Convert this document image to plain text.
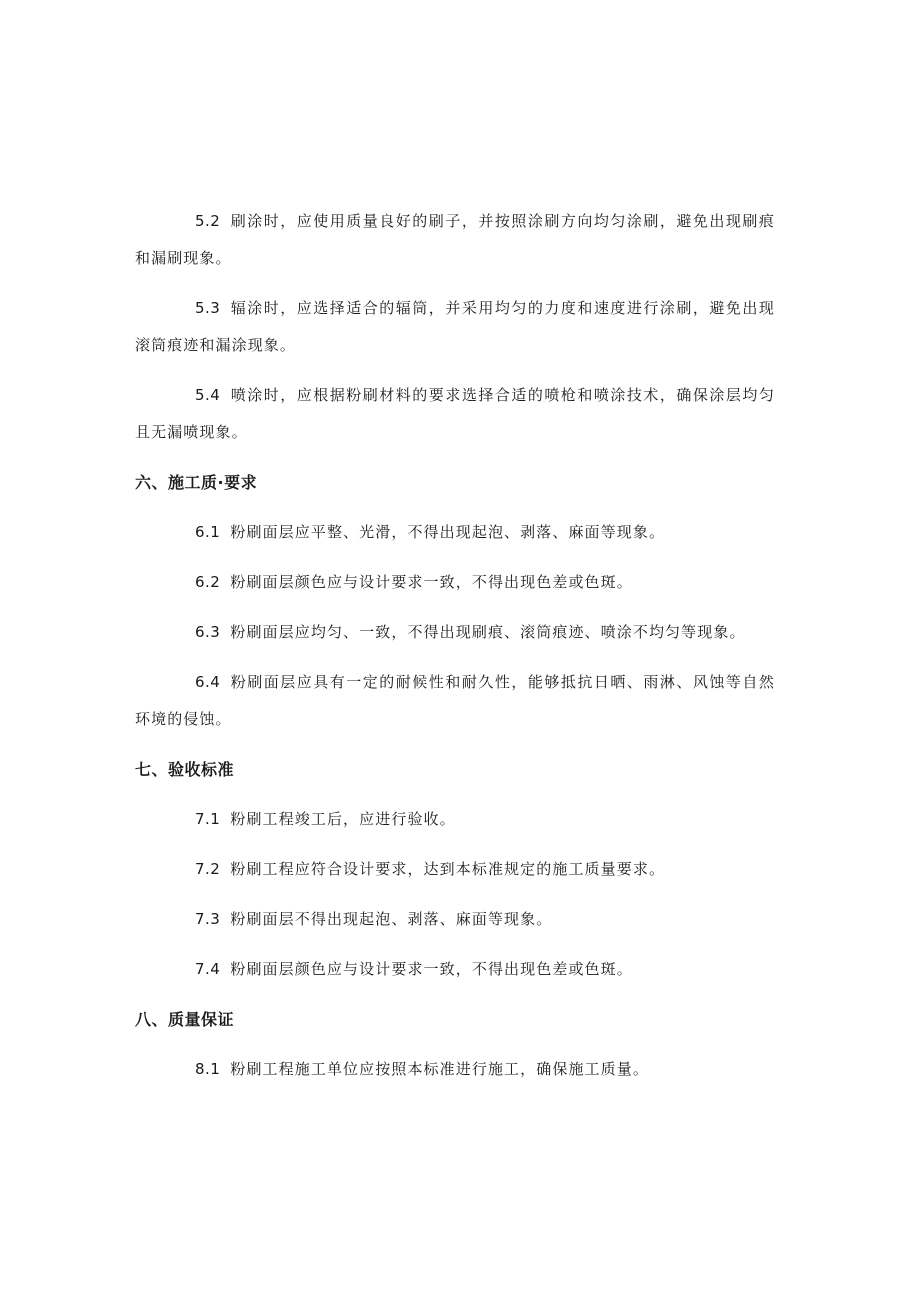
5.2 刷涂时，应使用质量良好的刷子，并按照涂刷方向均匀涂刷，避免出现刷痕和漏刷现象。

5.3 辐涂时，应选择适合的辐筒，并采用均匀的力度和速度进行涂刷，避免出现滚筒痕迹和漏涂现象。

5.4 喷涂时，应根据粉刷材料的要求选择合适的喷枪和喷涂技术，确保涂层均匀且无漏喷现象。

六、施工质·要求

6.1 粉刷面层应平整、光滑，不得出现起泡、剥落、麻面等现象。

6.2 粉刷面层颜色应与设计要求一致，不得出现色差或色斑。

6.3 粉刷面层应均匀、一致，不得出现刷痕、滚筒痕迹、喷涂不均匀等现象。

6.4 粉刷面层应具有一定的耐候性和耐久性，能够抵抗日晒、雨淋、风蚀等自然环境的侵蚀。

七、验收标准

7.1 粉刷工程竣工后，应进行验收。

7.2 粉刷工程应符合设计要求，达到本标准规定的施工质量要求。

7.3 粉刷面层不得出现起泡、剥落、麻面等现象。

7.4 粉刷面层颜色应与设计要求一致，不得出现色差或色斑。

八、质量保证

8.1 粉刷工程施工单位应按照本标准进行施工，确保施工质量。
